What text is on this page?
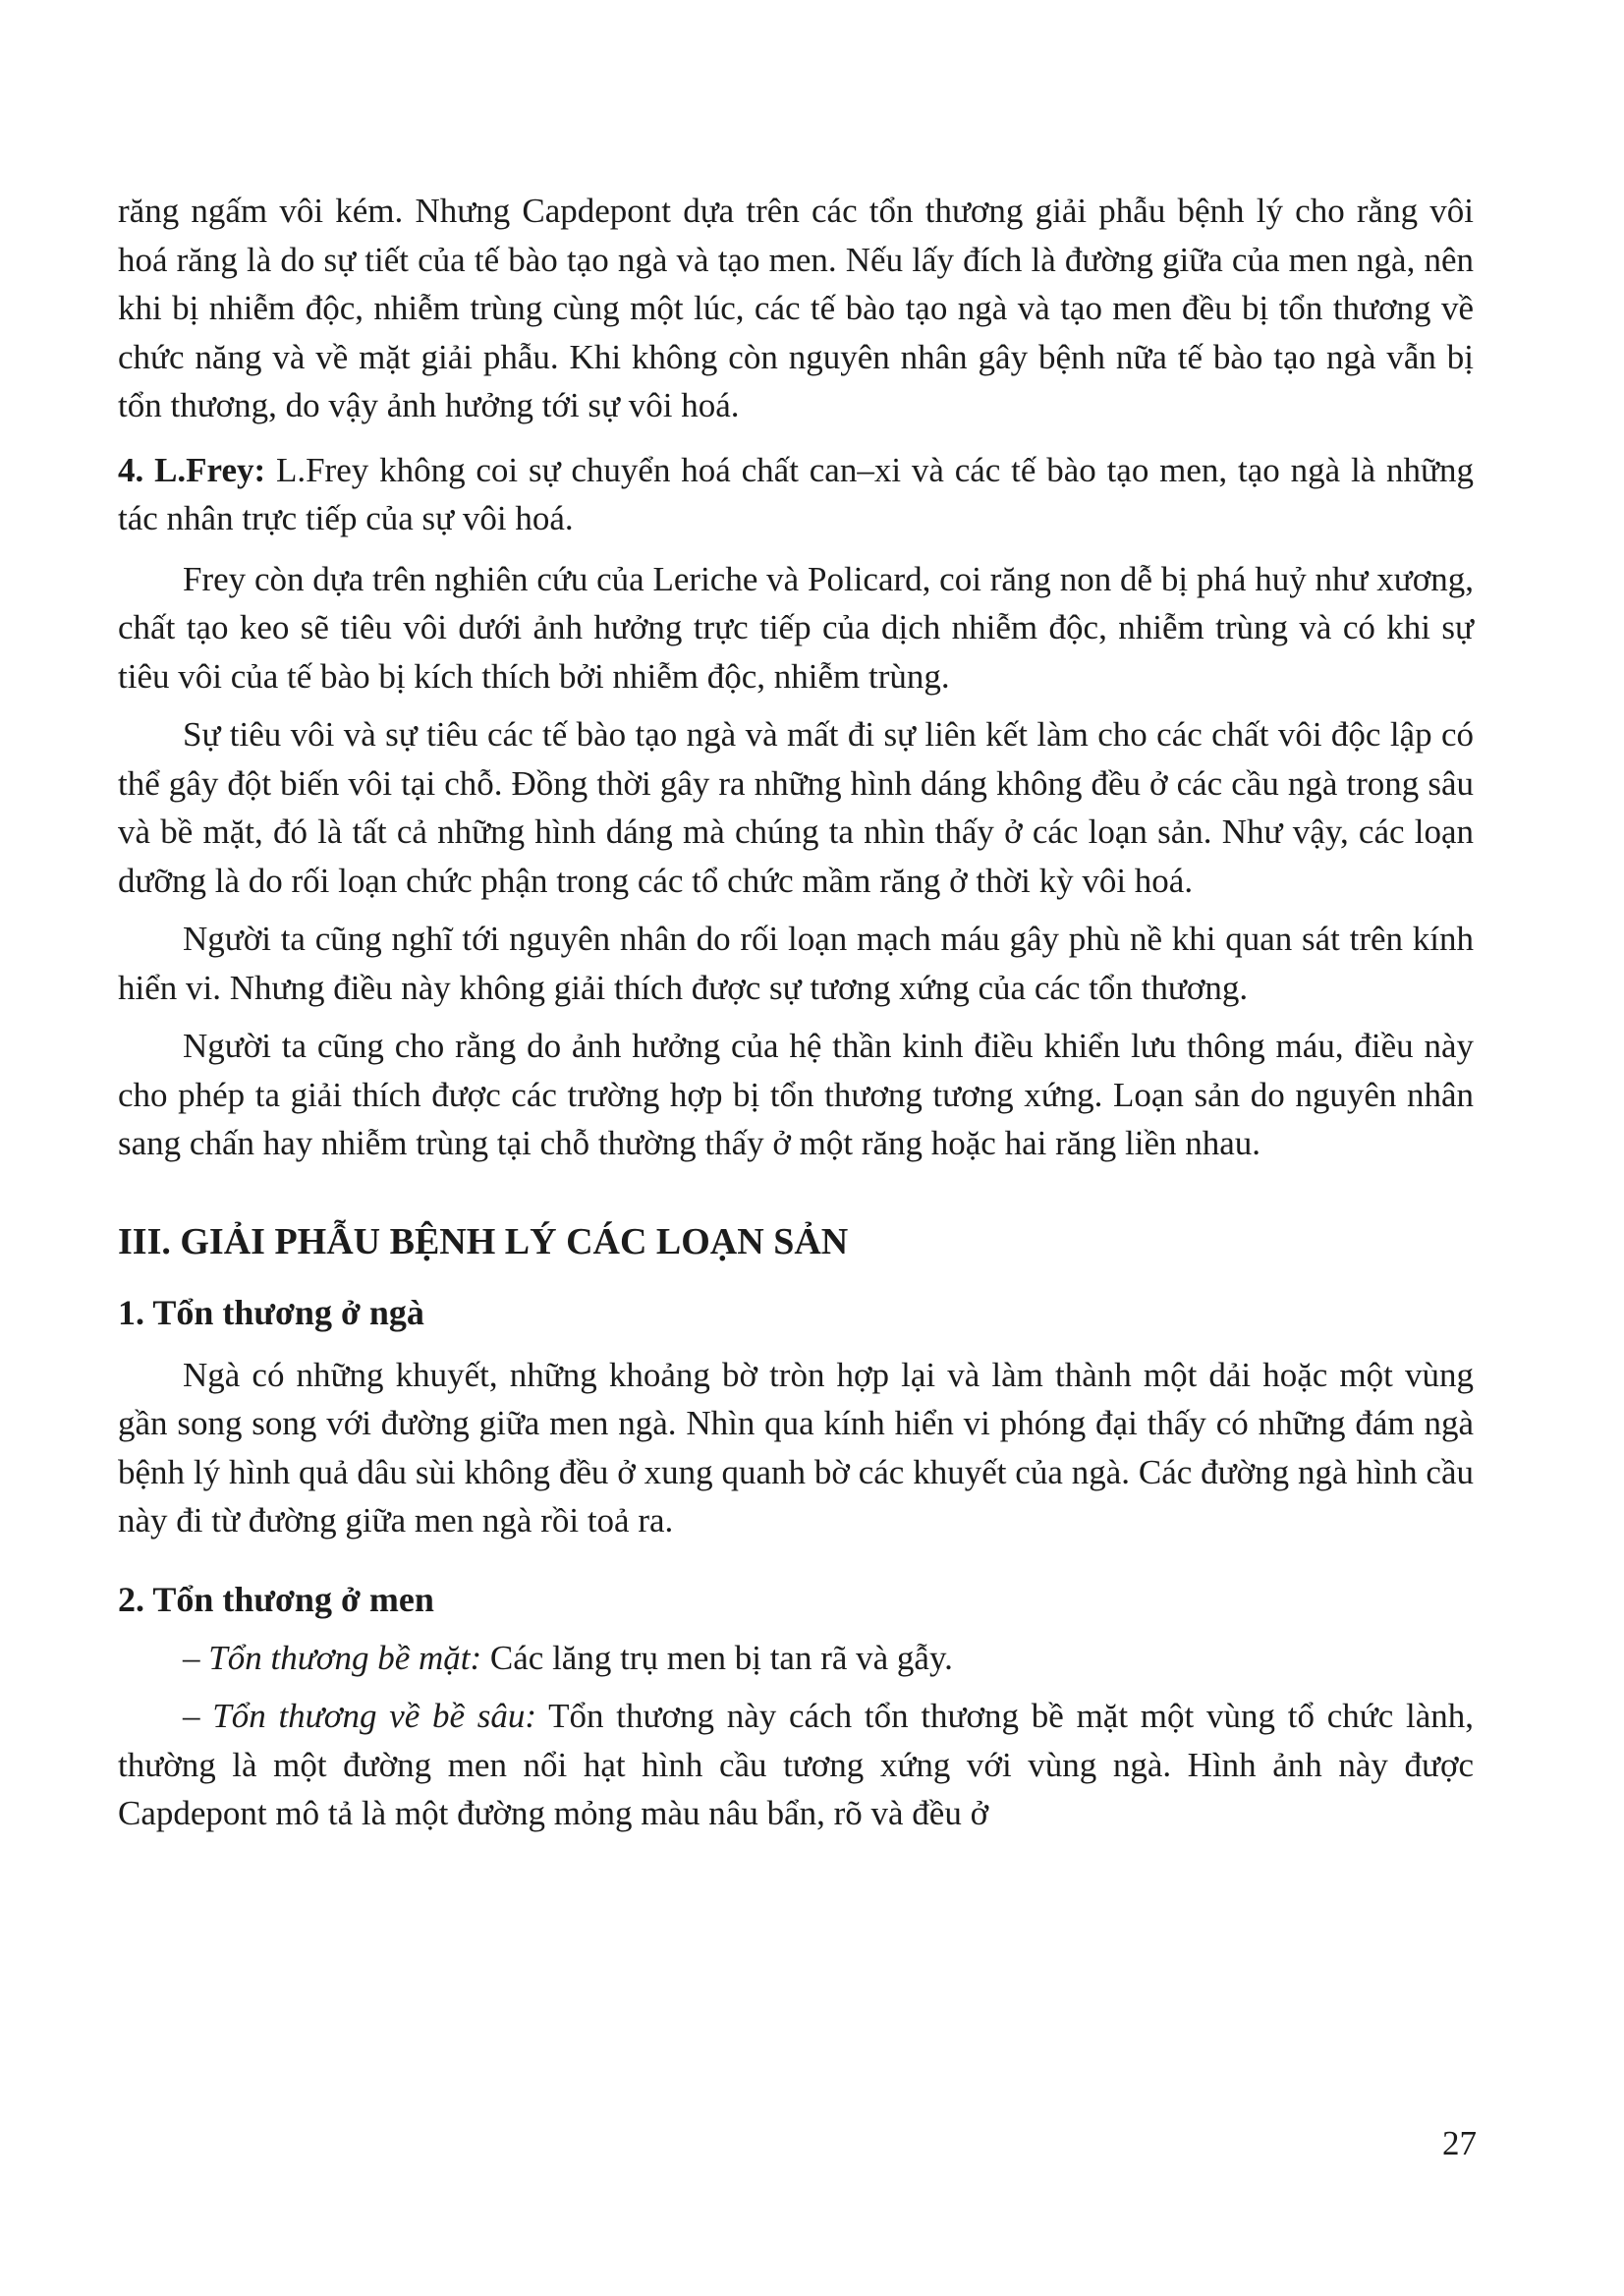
răng ngấm vôi kém. Nhưng Capdepont dựa trên các tổn thương giải phẫu bệnh lý cho rằng vôi hoá răng là do sự tiết của tế bào tạo ngà và tạo men. Nếu lấy đích là đường giữa của men ngà, nên khi bị nhiễm độc, nhiễm trùng cùng một lúc, các tế bào tạo ngà và tạo men đều bị tổn thương về chức năng và về mặt giải phẫu. Khi không còn nguyên nhân gây bệnh nữa tế bào tạo ngà vẫn bị tổn thương, do vậy ảnh hưởng tới sự vôi hoá.

4. L.Frey: L.Frey không coi sự chuyển hoá chất can–xi và các tế bào tạo men, tạo ngà là những tác nhân trực tiếp của sự vôi hoá.

Frey còn dựa trên nghiên cứu của Leriche và Policard, coi răng non dễ bị phá huỷ như xương, chất tạo keo sẽ tiêu vôi dưới ảnh hưởng trực tiếp của dịch nhiễm độc, nhiễm trùng và có khi sự tiêu vôi của tế bào bị kích thích bởi nhiễm độc, nhiễm trùng.

Sự tiêu vôi và sự tiêu các tế bào tạo ngà và mất đi sự liên kết làm cho các chất vôi độc lập có thể gây đột biến vôi tại chỗ. Đồng thời gây ra những hình dáng không đều ở các cầu ngà trong sâu và bề mặt, đó là tất cả những hình dáng mà chúng ta nhìn thấy ở các loạn sản. Như vậy, các loạn dưỡng là do rối loạn chức phận trong các tổ chức mầm răng ở thời kỳ vôi hoá.

Người ta cũng nghĩ tới nguyên nhân do rối loạn mạch máu gây phù nề khi quan sát trên kính hiển vi. Nhưng điều này không giải thích được sự tương xứng của các tổn thương.

Người ta cũng cho rằng do ảnh hưởng của hệ thần kinh điều khiển lưu thông máu, điều này cho phép ta giải thích được các trường hợp bị tổn thương tương xứng. Loạn sản do nguyên nhân sang chấn hay nhiễm trùng tại chỗ thường thấy ở một răng hoặc hai răng liền nhau.

III. GIẢI PHẪU BỆNH LÝ CÁC LOẠN SẢN
1. Tổn thương ở ngà

Ngà có những khuyết, những khoảng bờ tròn hợp lại và làm thành một dải hoặc một vùng gần song song với đường giữa men ngà. Nhìn qua kính hiển vi phóng đại thấy có những đám ngà bệnh lý hình quả dâu sùi không đều ở xung quanh bờ các khuyết của ngà. Các đường ngà hình cầu này đi từ đường giữa men ngà rồi toả ra.

2. Tổn thương ở men

– Tổn thương bề mặt: Các lăng trụ men bị tan rã và gẫy.

– Tổn thương về bề sâu: Tổn thương này cách tổn thương bề mặt một vùng tổ chức lành, thường là một đường men nổi hạt hình cầu tương xứng với vùng ngà. Hình ảnh này được Capdepont mô tả là một đường mỏng màu nâu bẩn, rõ và đều ở

27
